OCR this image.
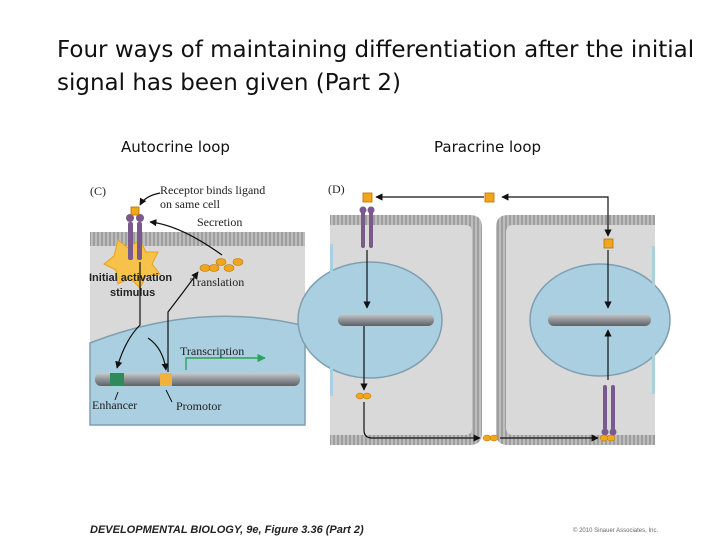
Four ways of maintaining differentiation after the initial signal has been given (Part 2)
Autocrine loop	Paracrine loop
(C)	Receptor binds ligand
on same cell
Secretion
Initial activation
stimulus
Translation
Transcription
Enhancer	Promotor
(D)
DEVELOPMENTAL BIOLOGY, 9e, Figure 3.36 (Part 2)	© 2010 Sinauer Associates, Inc.
